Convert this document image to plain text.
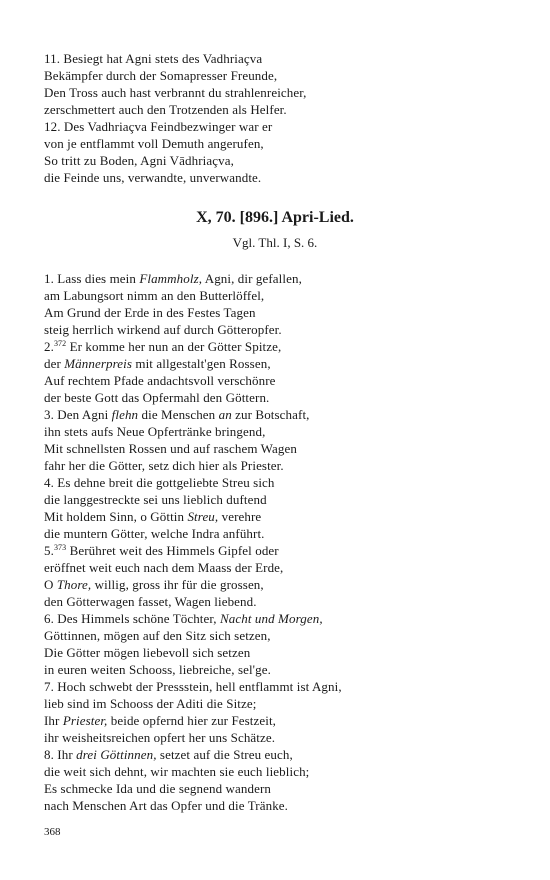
11. Besiegt hat Agni stets des Vadhriaçva
Bekämpfer durch der Somapresser Freunde,
Den Tross auch hast verbrannt du strahlenreicher,
zerschmettert auch den Trotzenden als Helfer.
12. Des Vadhriaçva Feindbezwinger war er
von je entflammt voll Demuth angerufen,
So tritt zu Boden, Agni Vādhriaçva,
die Feinde uns, verwandte, unverwandte.
X, 70. [896.] Apri-Lied.
Vgl. Thl. I, S. 6.
1. Lass dies mein Flammholz, Agni, dir gefallen,
am Labungsort nimm an den Butterlöffel,
Am Grund der Erde in des Festes Tagen
steig herrlich wirkend auf durch Götteropfer.
2.$^{372}$ Er komme her nun an der Götter Spitze,
der Männerpreis mit allgestalt'gen Rossen,
Auf rechtem Pfade andachtsvoll verschönre
der beste Gott das Opfermahl den Göttern.
3. Den Agni flehn die Menschen an zur Botschaft,
ihn stets aufs Neue Opfertränke bringend,
Mit schnellsten Rossen und auf raschem Wagen
fahr her die Götter, setz dich hier als Priester.
4. Es dehne breit die gottgeliebte Streu sich
die langgestreckte sei uns lieblich duftend
Mit holdem Sinn, o Göttin Streu, verehre
die muntern Götter, welche Indra anführt.
5.$^{373}$ Berühret weit des Himmels Gipfel oder
eröffnet weit euch nach dem Maass der Erde,
O Thore, willig, gross ihr für die grossen,
den Götterwagen fasset, Wagen liebend.
6. Des Himmels schöne Töchter, Nacht und Morgen,
Göttinnen, mögen auf den Sitz sich setzen,
Die Götter mögen liebevoll sich setzen
in euren weiten Schooss, liebreiche, sel'ge.
7. Hoch schwebt der Pressstein, hell entflammt ist Agni,
lieb sind im Schooss der Aditi die Sitze;
Ihr Priester, beide opfernd hier zur Festzeit,
ihr weisheitsreichen opfert her uns Schätze.
8. Ihr drei Göttinnen, setzet auf die Streu euch,
die weit sich dehnt, wir machten sie euch lieblich;
Es schmecke Ida und die segnend wandern
nach Menschen Art das Opfer und die Tränke.
368
